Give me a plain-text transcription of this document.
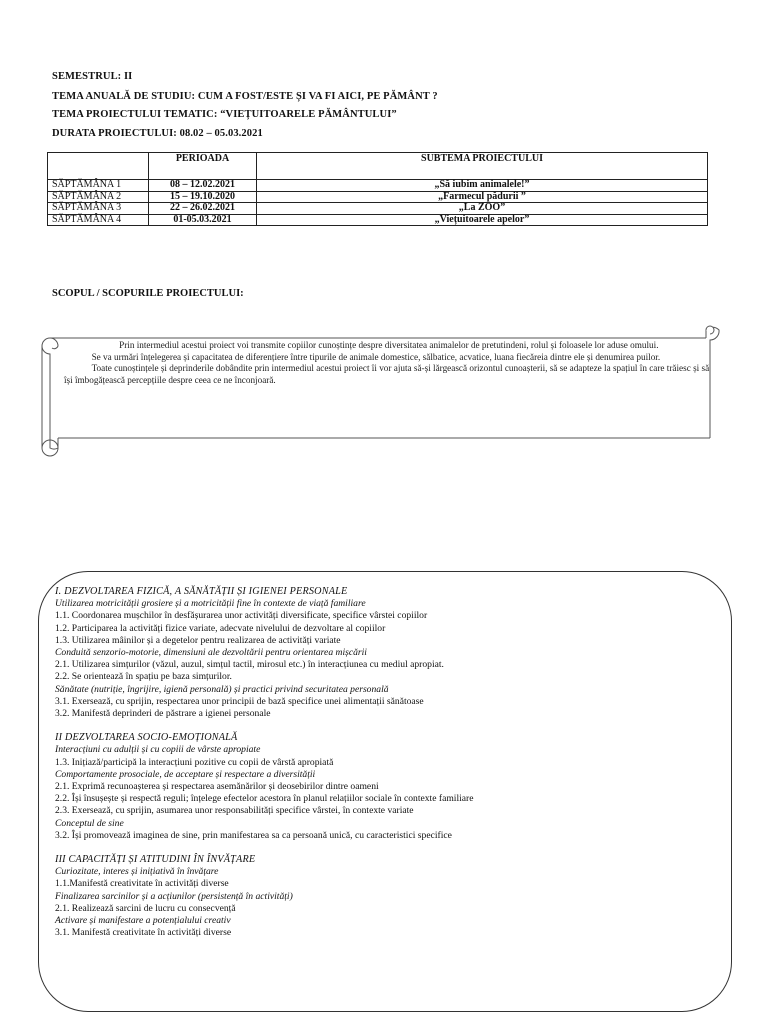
SEMESTRUL: II
TEMA ANUALĂ DE STUDIU: CUM A FOST/ESTE ȘI VA FI AICI, PE PĂMÂNT ?
TEMA PROIECTULUI TEMATIC: “VIEȚUITOARELE PĂMÂNTULUI”
DURATA PROIECTULUI: 08.02 – 05.03.2021
	PERIOADA	SUBTEMA PROIECTULUI
SĂPTĂMÂNA 1	08 – 12.02.2021	„Să iubim animalele!”
SĂPTĂMÂNA 2	15 – 19.10.2020	„Farmecul pădurii ”
SĂPTĂMÂNA 3	22 – 26.02.2021	„La ZOO”
SĂPTĂMÂNA 4	01-05.03.2021	„Viețuitoarele apelor”
SCOPUL / SCOPURILE PROIECTULUI:

Prin intermediul acestui proiect voi transmite copiilor cunoștințe despre diversitatea animalelor de pretutindeni, rolul și foloasele lor aduse omului.

Se va urmări înțelegerea și capacitatea de diferențiere între tipurile de animale domestice, sălbatice, acvatice, luana fiecăreia dintre ele și denumirea puilor.

Toate cunoștințele și deprinderile dobândite prin intermediul acestui proiect îi vor ajuta să-și lărgească orizontul cunoașterii, să se adapteze la spațiul în care trăiesc și să își îmbogățească percepțiile despre ceea ce ne înconjoară.

I. DEZVOLTAREA FIZICĂ, A SĂNĂTĂȚII ȘI IGIENEI PERSONALE
Utilizarea motricității grosiere și a motricității fine în contexte de viață familiare
1.1. Coordonarea mușchilor în desfășurarea unor activități diversificate, specifice vârstei copiilor
1.2. Participarea la activități fizice variate, adecvate nivelului de dezvoltare al copiilor
1.3. Utilizarea mâinilor și a degetelor pentru realizarea de activități variate
Conduită senzorio-motorie, dimensiuni ale dezvoltării pentru orientarea mișcării
2.1. Utilizarea simțurilor (văzul, auzul, simțul tactil, mirosul etc.) în interacțiunea cu mediul apropiat.
2.2. Se orientează în spațiu pe baza simțurilor.
Sănătate (nutriție, îngrijire, igienă personală) și practici privind securitatea personală
3.1. Exersează, cu sprijin, respectarea unor principii de bază specifice unei alimentații sănătoase
3.2. Manifestă deprinderi de păstrare a igienei personale
II DEZVOLTAREA SOCIO-EMOȚIONALĂ
Interacțiuni cu adulții și cu copiii de vârste apropiate
1.3. Inițiază/participă la interacțiuni pozitive cu copii de vârstă apropiată
Comportamente prosociale, de acceptare și respectare a diversității
2.1. Exprimă recunoașterea și respectarea asemănărilor și deosebirilor dintre oameni
2.2. Își însușește și respectă reguli; înțelege efectelor acestora în planul relațiilor sociale în contexte familiare
2.3. Exersează, cu sprijin, asumarea unor responsabilități specifice vârstei, în contexte variate
Conceptul de sine
3.2. Își promovează imaginea de sine, prin manifestarea sa ca persoană unică, cu caracteristici specifice
III CAPACITĂȚI ȘI ATITUDINI ÎN ÎNVĂȚARE
Curiozitate, interes și inițiativă în învățare
1.1.Manifestă creativitate în activități diverse
Finalizarea sarcinilor și a acțiunilor (persistență în activități)
2.1. Realizează sarcini de lucru cu consecvență
Activare și manifestare a potențialului creativ
3.1. Manifestă creativitate în activități diverse
